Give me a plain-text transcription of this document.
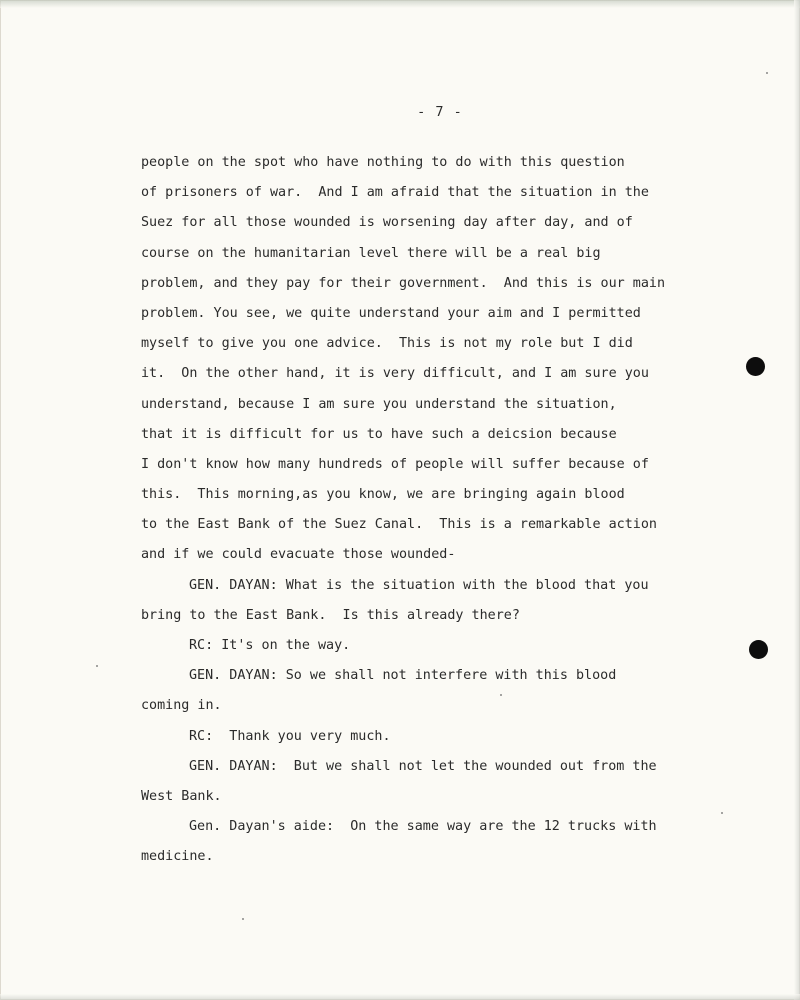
- 7 -
people on the spot who have nothing to do with this question
of prisoners of war.  And I am afraid that the situation in the
Suez for all those wounded is worsening day after day, and of
course on the humanitarian level there will be a real big
problem, and they pay for their government.  And this is our main
problem. You see, we quite understand your aim and I permitted
myself to give you one advice.  This is not my role but I did
it.  On the other hand, it is very difficult, and I am sure you
understand, because I am sure you understand the situation,
that it is difficult for us to have such a deicsion because
I don't know how many hundreds of people will suffer because of
this.  This morning,as you know, we are bringing again blood
to the East Bank of the Suez Canal.  This is a remarkable action
and if we could evacuate those wounded-
GEN. DAYAN: What is the situation with the blood that you
bring to the East Bank.  Is this already there?
RC: It's on the way.
GEN. DAYAN: So we shall not interfere with this blood
coming in.
RC:  Thank you very much.
GEN. DAYAN:  But we shall not let the wounded out from the
West Bank.
Gen. Dayan's aide:  On the same way are the 12 trucks with
medicine.
